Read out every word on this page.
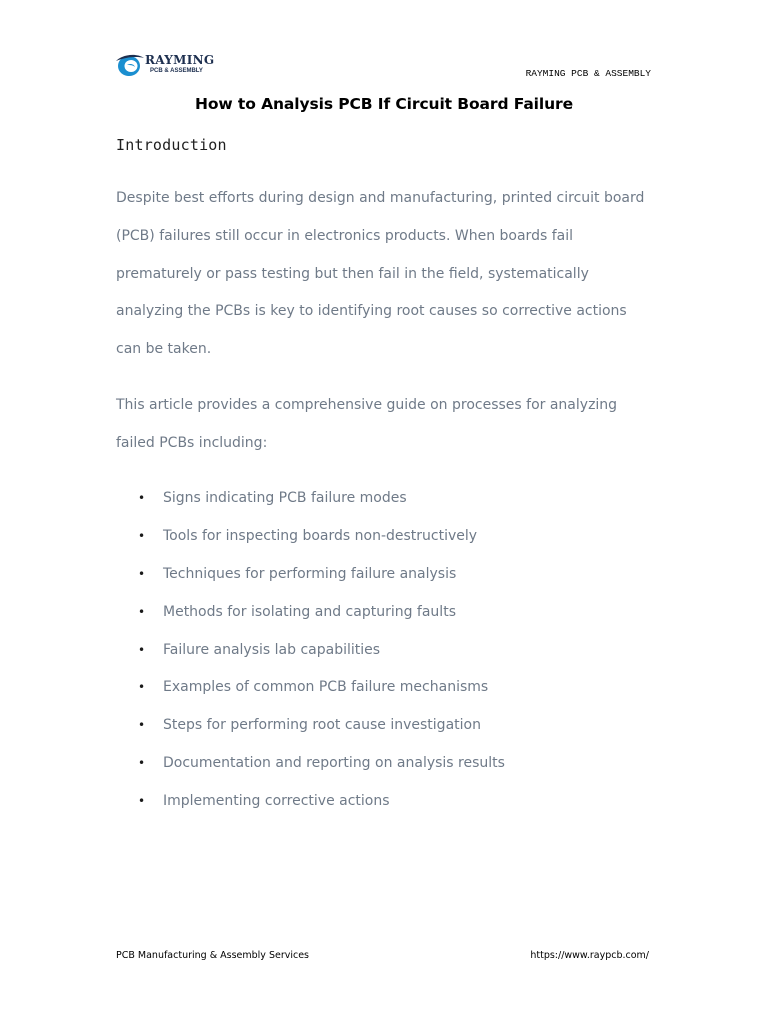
RAYMING
PCB & ASSEMBLY	RAYMING PCB & ASSEMBLY
How to Analysis PCB If Circuit Board Failure
Introduction

Despite best efforts during design and manufacturing, printed circuit board (PCB) failures still occur in electronics products. When boards fail prematurely or pass testing but then fail in the field, systematically analyzing the PCBs is key to identifying root causes so corrective actions can be taken.

This article provides a comprehensive guide on processes for analyzing failed PCBs including:

• Signs indicating PCB failure modes
• Tools for inspecting boards non-destructively
• Techniques for performing failure analysis
• Methods for isolating and capturing faults
• Failure analysis lab capabilities
• Examples of common PCB failure mechanisms
• Steps for performing root cause investigation
• Documentation and reporting on analysis results
• Implementing corrective actions
PCB Manufacturing & Assembly Services	https://www.raypcb.com/
